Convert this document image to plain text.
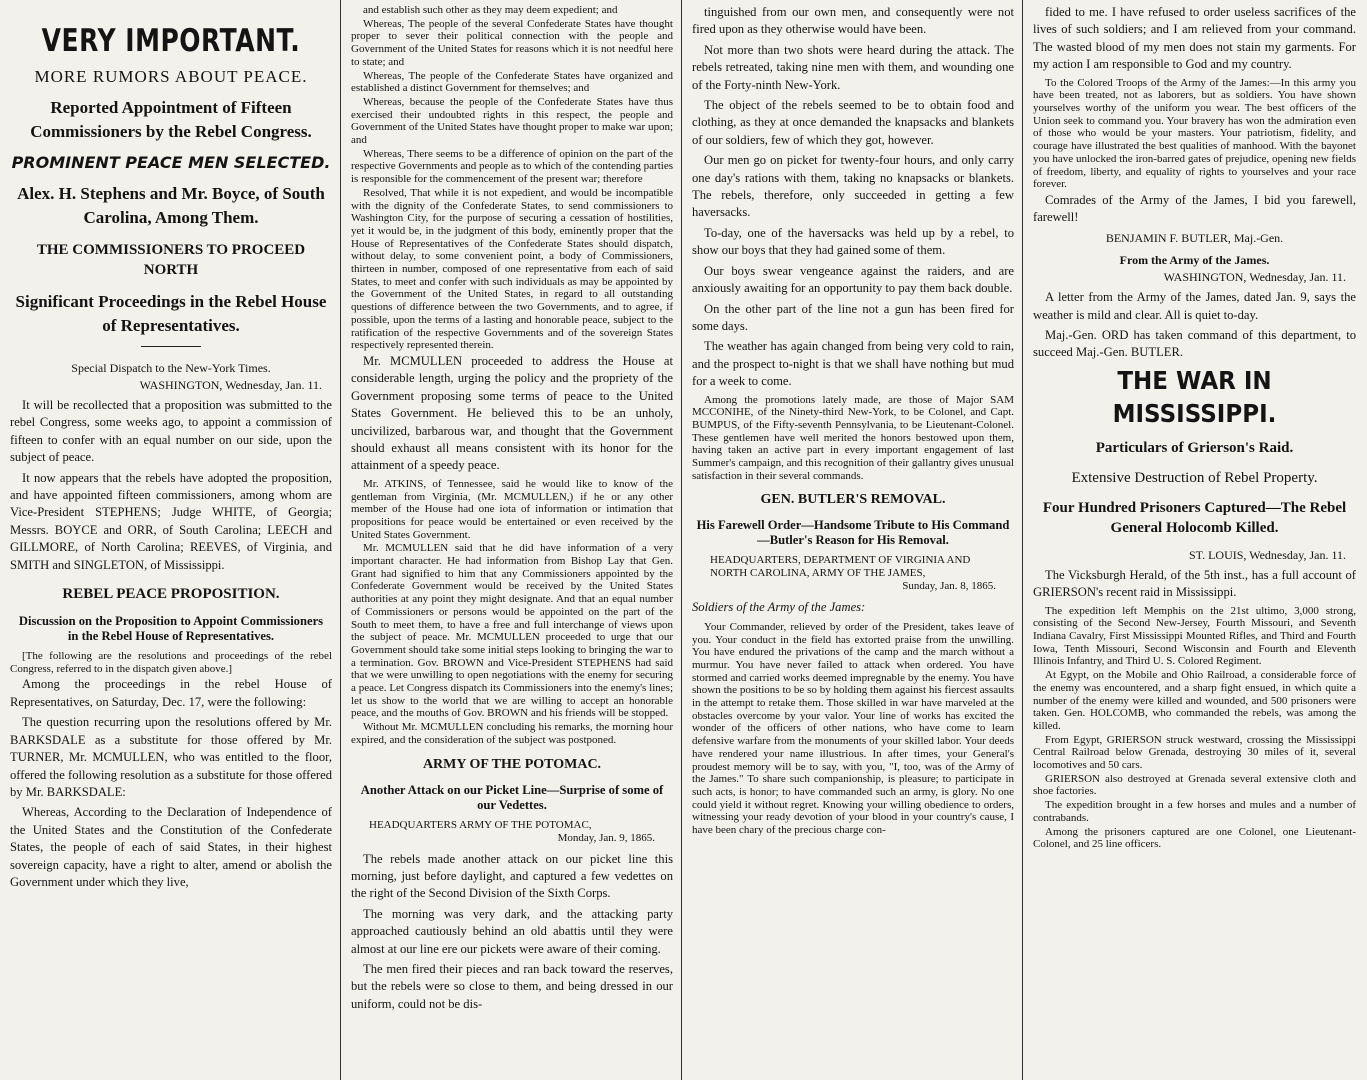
VERY IMPORTANT.
MORE RUMORS ABOUT PEACE.
Reported Appointment of Fifteen Commissioners by the Rebel Congress.
PROMINENT PEACE MEN SELECTED.
Alex. H. Stephens and Mr. Boyce, of South Carolina, Among Them.
THE COMMISSIONERS TO PROCEED NORTH
Significant Proceedings in the Rebel House of Representatives.
Special Dispatch to the New-York Times.
WASHINGTON, Wednesday, Jan. 11.

It will be recollected that a proposition was submitted to the rebel Congress, some weeks ago, to appoint a commission of fifteen to confer with an equal number on our side, upon the subject of peace.

It now appears that the rebels have adopted the proposition, and have appointed fifteen commissioners, among whom are Vice-President STEPHENS; Judge WHITE, of Georgia; Messrs. BOYCE and ORR, of South Carolina; LEECH and GILLMORE, of North Carolina; REEVES, of Virginia, and SMITH and SINGLETON, of Mississippi.

REBEL PEACE PROPOSITION.
Discussion on the Proposition to Appoint Commissioners in the Rebel House of Representatives.

[The following are the resolutions and proceedings of the rebel Congress, referred to in the dispatch given above.]

Among the proceedings in the rebel House of Representatives, on Saturday, Dec. 17, were the following:

The question recurring upon the resolutions offered by Mr. BARKSDALE as a substitute for those offered by Mr. TURNER, Mr. MCMULLEN, who was entitled to the floor, offered the following resolution as a substitute for those offered by Mr. BARKSDALE:

Whereas, According to the Declaration of Independence of the United States and the Constitution of the Confederate States, the people of each of said States, in their highest sovereign capacity, have a right to alter, amend or abolish the Government under which they live,

and establish such other as they may deem expedient; and

Whereas, The people of the several Confederate States have thought proper to sever their political connection with the people and Government of the United States for reasons which it is not needful here to state; and

Whereas, The people of the Confederate States have organized and established a distinct Government for themselves; and

Whereas, because the people of the Confederate States have thus exercised their undoubted rights in this respect, the people and Government of the United States have thought proper to make war upon; and

Whereas, There seems to be a difference of opinion on the part of the respective Governments and people as to which of the contending parties is responsible for the commencement of the present war; therefore

Resolved, That while it is not expedient, and would be incompatible with the dignity of the Confederate States, to send commissioners to Washington City, for the purpose of securing a cessation of hostilities, yet it would be, in the judgment of this body, eminently proper that the House of Representatives of the Confederate States should dispatch, without delay, to some convenient point, a body of Commissioners, thirteen in number, composed of one representative from each of said States, to meet and confer with such individuals as may be appointed by the Government of the United States, in regard to all outstanding questions of difference between the two Governments, and to agree, if possible, upon the terms of a lasting and honorable peace, subject to the ratification of the respective Governments and of the sovereign States respectively represented therein.

Mr. MCMULLEN proceeded to address the House at considerable length, urging the policy and the propriety of the Government proposing some terms of peace to the United States Government. He believed this to be an unholy, uncivilized, barbarous war, and thought that the Government should exhaust all means consistent with its honor for the attainment of a speedy peace.

Mr. ATKINS, of Tennessee, said he would like to know of the gentleman from Virginia, (Mr. MCMULLEN,) if he or any other member of the House had one iota of information or intimation that propositions for peace would be entertained or even received by the United States Government.

Mr. MCMULLEN said that he did have information of a very important character. He had information from Bishop Lay that Gen. Grant had signified to him that any Commissioners appointed by the Confederate Government would be received by the United States authorities at any point they might designate. And that an equal number of Commissioners or persons would be appointed on the part of the South to meet them, to have a free and full interchange of views upon the subject of peace. Mr. MCMULLEN proceeded to urge that our Government should take some initial steps looking to bringing the war to a termination. Gov. BROWN and Vice-President STEPHENS had said that we were unwilling to open negotiations with the enemy for securing a peace. Let Congress dispatch its Commissioners into the enemy's lines; let us show to the world that we are willing to accept an honorable peace, and the mouths of Gov. BROWN and his friends will be stopped.

Without Mr. MCMULLEN concluding his remarks, the morning hour expired, and the consideration of the subject was postponed.

ARMY OF THE POTOMAC.
Another Attack on our Picket Line—Surprise of some of our Vedettes.
HEADQUARTERS ARMY OF THE POTOMAC,
Monday, Jan. 9, 1865.

The rebels made another attack on our picket line this morning, just before daylight, and captured a few vedettes on the right of the Second Division of the Sixth Corps.

The morning was very dark, and the attacking party approached cautiously behind an old abattis until they were almost at our line ere our pickets were aware of their coming.

The men fired their pieces and ran back toward the reserves, but the rebels were so close to them, and being dressed in our uniform, could not be dis-

tinguished from our own men, and consequently were not fired upon as they otherwise would have been.

Not more than two shots were heard during the attack. The rebels retreated, taking nine men with them, and wounding one of the Forty-ninth New-York.

The object of the rebels seemed to be to obtain food and clothing, as they at once demanded the knapsacks and blankets of our soldiers, few of which they got, however.

Our men go on picket for twenty-four hours, and only carry one day's rations with them, taking no knapsacks or blankets. The rebels, therefore, only succeeded in getting a few haversacks.

To-day, one of the haversacks was held up by a rebel, to show our boys that they had gained some of them.

Our boys swear vengeance against the raiders, and are anxiously awaiting for an opportunity to pay them back double.

On the other part of the line not a gun has been fired for some days.

The weather has again changed from being very cold to rain, and the prospect to-night is that we shall have nothing but mud for a week to come.

Among the promotions lately made, are those of Major SAM MCCONIHE, of the Ninety-third New-York, to be Colonel, and Capt. BUMPUS, of the Fifty-seventh Pennsylvania, to be Lieutenant-Colonel. These gentlemen have well merited the honors bestowed upon them, having taken an active part in every important engagement of last Summer's campaign, and this recognition of their gallantry gives unusual satisfaction in their several commands.

GEN. BUTLER'S REMOVAL.
His Farewell Order—Handsome Tribute to His Command—Butler's Reason for His Removal.
HEADQUARTERS, DEPARTMENT OF VIRGINIA AND
NORTH CAROLINA, ARMY OF THE JAMES,
Sunday, Jan. 8, 1865.
Soldiers of the Army of the James:

Your Commander, relieved by order of the President, takes leave of you. Your conduct in the field has extorted praise from the unwilling. You have endured the privations of the camp and the march without a murmur. You have never failed to attack when ordered. You have stormed and carried works deemed impregnable by the enemy. You have shown the positions to be so by holding them against his fiercest assaults in the attempt to retake them. Those skilled in war have marveled at the obstacles overcome by your valor. Your line of works has excited the wonder of the officers of other nations, who have come to learn defensive warfare from the monuments of your skilled labor. Your deeds have rendered your name illustrious. In after times, your General's proudest memory will be to say, with you, "I, too, was of the Army of the James." To share such companionship, is pleasure; to participate in such acts, is honor; to have commanded such an army, is glory. No one could yield it without regret. Knowing your willing obedience to orders, witnessing your ready devotion of your blood in your country's cause, I have been chary of the precious charge con-

fided to me. I have refused to order useless sacrifices of the lives of such soldiers; and I am relieved from your command. The wasted blood of my men does not stain my garments. For my action I am responsible to God and my country.

To the Colored Troops of the Army of the James:—In this army you have been treated, not as laborers, but as soldiers. You have shown yourselves worthy of the uniform you wear. The best officers of the Union seek to command you. Your bravery has won the admiration even of those who would be your masters. Your patriotism, fidelity, and courage have illustrated the best qualities of manhood. With the bayonet you have unlocked the iron-barred gates of prejudice, opening new fields of freedom, liberty, and equality of rights to yourselves and your race forever.

Comrades of the Army of the James, I bid you farewell, farewell!

BENJAMIN F. BUTLER, Maj.-Gen.
From the Army of the James.
WASHINGTON, Wednesday, Jan. 11.

A letter from the Army of the James, dated Jan. 9, says the weather is mild and clear. All is quiet to-day.

Maj.-Gen. ORD has taken command of this department, to succeed Maj.-Gen. BUTLER.

THE WAR IN MISSISSIPPI.
Particulars of Grierson's Raid.
Extensive Destruction of Rebel Property.
Four Hundred Prisoners Captured—The Rebel General Holocomb Killed.
ST. LOUIS, Wednesday, Jan. 11.

The Vicksburgh Herald, of the 5th inst., has a full account of GRIERSON's recent raid in Mississippi.

The expedition left Memphis on the 21st ultimo, 3,000 strong, consisting of the Second New-Jersey, Fourth Missouri, and Seventh Indiana Cavalry, First Mississippi Mounted Rifles, and Third and Fourth Iowa, Tenth Missouri, Second Wisconsin and Fourth and Eleventh Illinois Infantry, and Third U. S. Colored Regiment.

At Egypt, on the Mobile and Ohio Railroad, a considerable force of the enemy was encountered, and a sharp fight ensued, in which quite a number of the enemy were killed and wounded, and 500 prisoners were taken. Gen. HOLCOMB, who commanded the rebels, was among the killed.

From Egypt, GRIERSON struck westward, crossing the Mississippi Central Railroad below Grenada, destroying 30 miles of it, several locomotives and 50 cars.

GRIERSON also destroyed at Grenada several extensive cloth and shoe factories.

The expedition brought in a few horses and mules and a number of contrabands.

Among the prisoners captured are one Colonel, one Lieutenant-Colonel, and 25 line officers.
